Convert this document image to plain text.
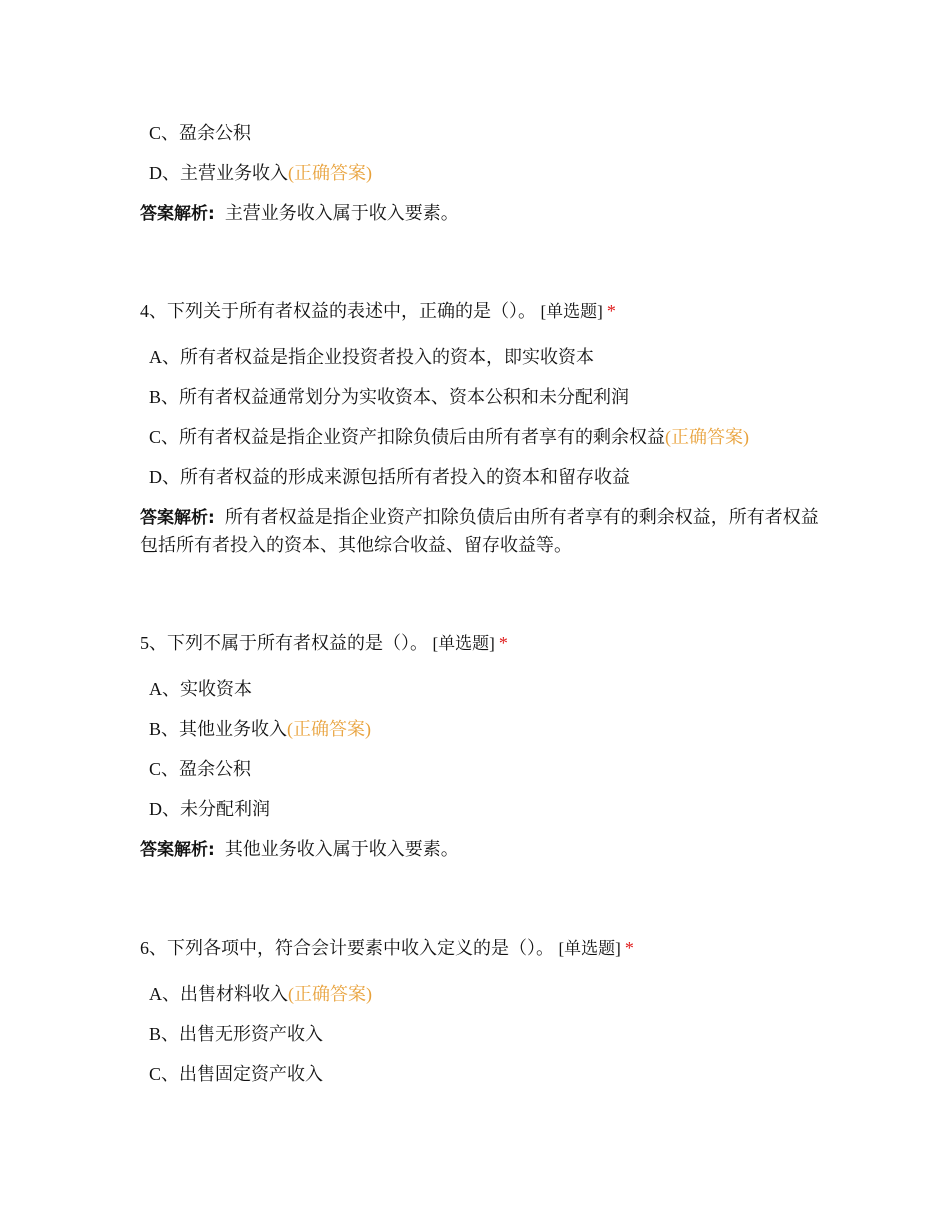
C、盈余公积
D、主营业务收入(正确答案)
答案解析: 主营业务收入属于收入要素。
4、下列关于所有者权益的表述中，正确的是（）。 [单选题] *
A、所有者权益是指企业投资者投入的资本，即实收资本
B、所有者权益通常划分为实收资本、资本公积和未分配利润
C、所有者权益是指企业资产扣除负债后由所有者享有的剩余权益(正确答案)
D、所有者权益的形成来源包括所有者投入的资本和留存收益
答案解析: 所有者权益是指企业资产扣除负债后由所有者享有的剩余权益，所有者权益包括所有者投入的资本、其他综合收益、留存收益等。
5、下列不属于所有者权益的是（）。 [单选题] *
A、实收资本
B、其他业务收入(正确答案)
C、盈余公积
D、未分配利润
答案解析: 其他业务收入属于收入要素。
6、下列各项中，符合会计要素中收入定义的是（）。 [单选题] *
A、出售材料收入(正确答案)
B、出售无形资产收入
C、出售固定资产收入
